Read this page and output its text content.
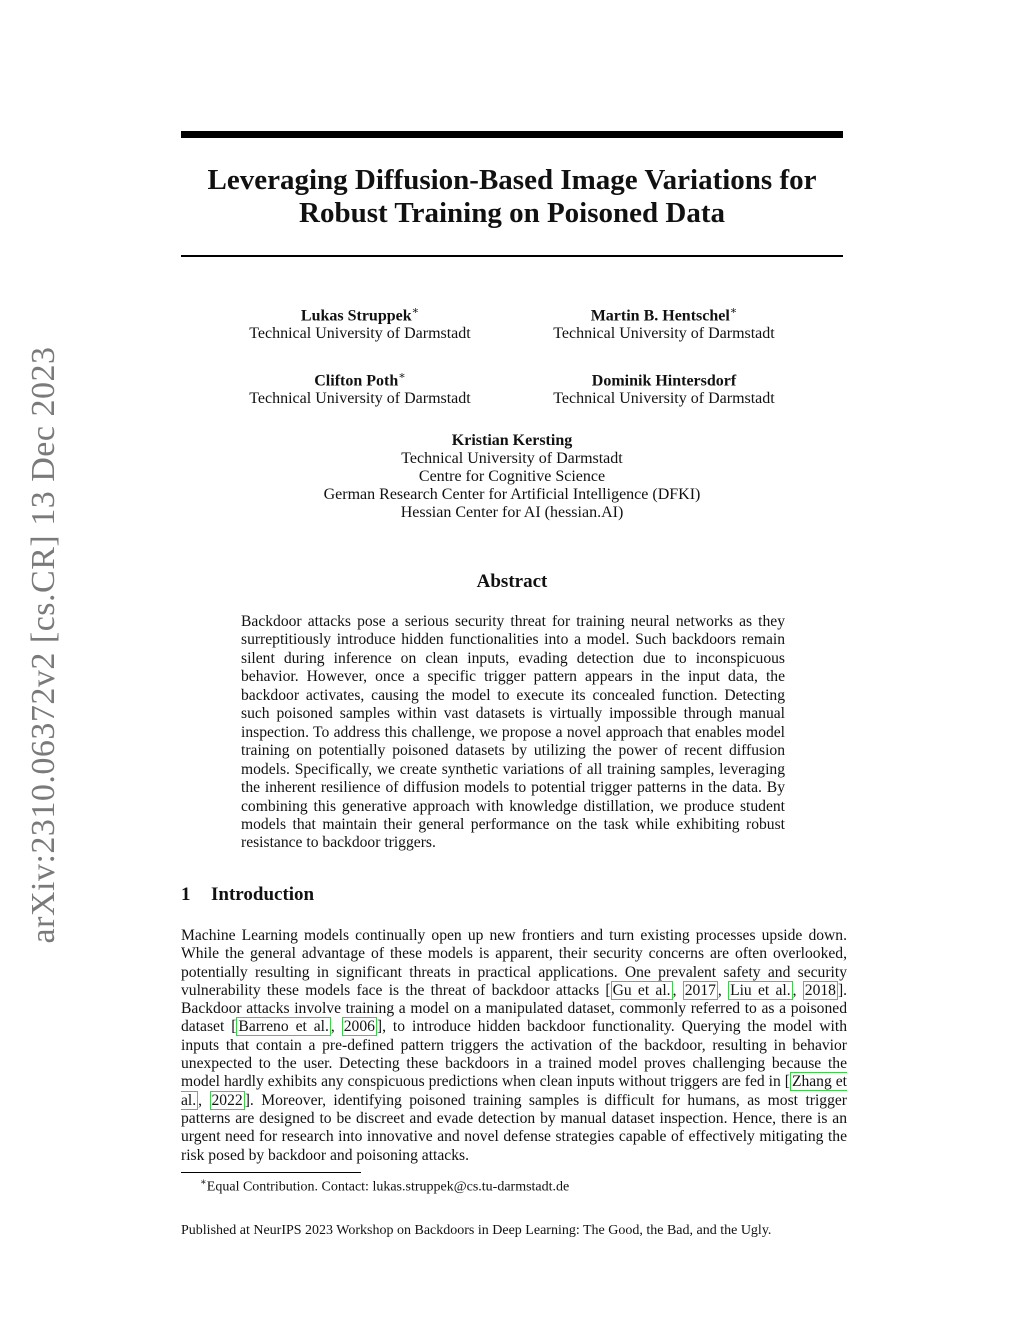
arXiv:2310.06372v2 [cs.CR] 13 Dec 2023
Leveraging Diffusion-Based Image Variations for
Robust Training on Poisoned Data
Lukas Struppek∗
Technical University of Darmstadt
Martin B. Hentschel∗
Technical University of Darmstadt
Clifton Poth∗
Technical University of Darmstadt
Dominik Hintersdorf
Technical University of Darmstadt
Kristian Kersting
Technical University of Darmstadt
Centre for Cognitive Science
German Research Center for Artificial Intelligence (DFKI)
Hessian Center for AI (hessian.AI)
Abstract
Backdoor attacks pose a serious security threat for training neural networks as they surreptitiously introduce hidden functionalities into a model. Such backdoors remain silent during inference on clean inputs, evading detection due to inconspicuous behavior. However, once a specific trigger pattern appears in the input data, the backdoor activates, causing the model to execute its concealed function. Detecting such poisoned samples within vast datasets is virtually impossible through manual inspection. To address this challenge, we propose a novel approach that enables model training on potentially poisoned datasets by utilizing the power of recent diffusion models. Specifically, we create synthetic variations of all training samples, leveraging the inherent resilience of diffusion models to potential trigger patterns in the data. By combining this generative approach with knowledge distillation, we produce student models that maintain their general performance on the task while exhibiting robust resistance to backdoor triggers.
1 Introduction
Machine Learning models continually open up new frontiers and turn existing processes upside down. While the general advantage of these models is apparent, their security concerns are often overlooked, potentially resulting in significant threats in practical applications. One prevalent safety and security vulnerability these models face is the threat of backdoor attacks [ Gu et al. , 2017 , Liu et al. , 2018 ]. Backdoor attacks involve training a model on a manipulated dataset, commonly referred to as a poisoned dataset [ Barreno et al. , 2006 ], to introduce hidden backdoor functionality. Querying the model with inputs that contain a pre-defined pattern triggers the activation of the backdoor, resulting in behavior unexpected to the user. Detecting these backdoors in a trained model proves challenging because the model hardly exhibits any conspicuous predictions when clean inputs without triggers are fed in [ Zhang et al. , 2022 ]. Moreover, identifying poisoned training samples is difficult for humans, as most trigger patterns are designed to be discreet and evade detection by manual dataset inspection. Hence, there is an urgent need for research into innovative and novel defense strategies capable of effectively mitigating the risk posed by backdoor and poisoning attacks.
∗Equal Contribution. Contact: lukas.struppek@cs.tu-darmstadt.de
Published at NeurIPS 2023 Workshop on Backdoors in Deep Learning: The Good, the Bad, and the Ugly.
